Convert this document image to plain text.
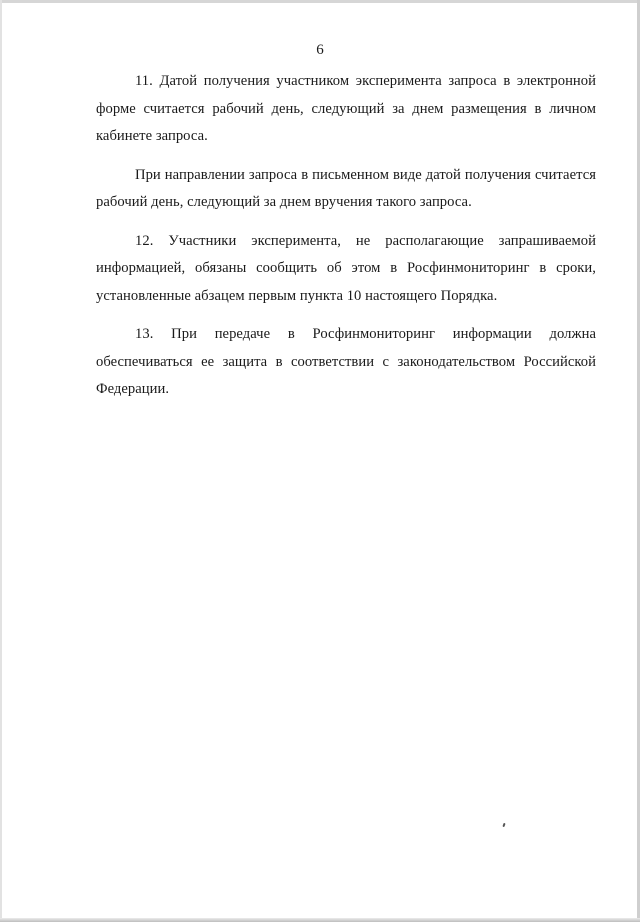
6

11. Датой получения участником эксперимента запроса в электронной форме считается рабочий день, следующий за днем размещения в личном кабинете запроса.

При направлении запроса в письменном виде датой получения считается рабочий день, следующий за днем вручения такого запроса.

12. Участники эксперимента, не располагающие запрашиваемой информацией, обязаны сообщить об этом в Росфинмониторинг в сроки, установленные абзацем первым пункта 10 настоящего Порядка.

13. При передаче в Росфинмониторинг информации должна обеспечиваться ее защита в соответствии с законодательством Российской Федерации.
